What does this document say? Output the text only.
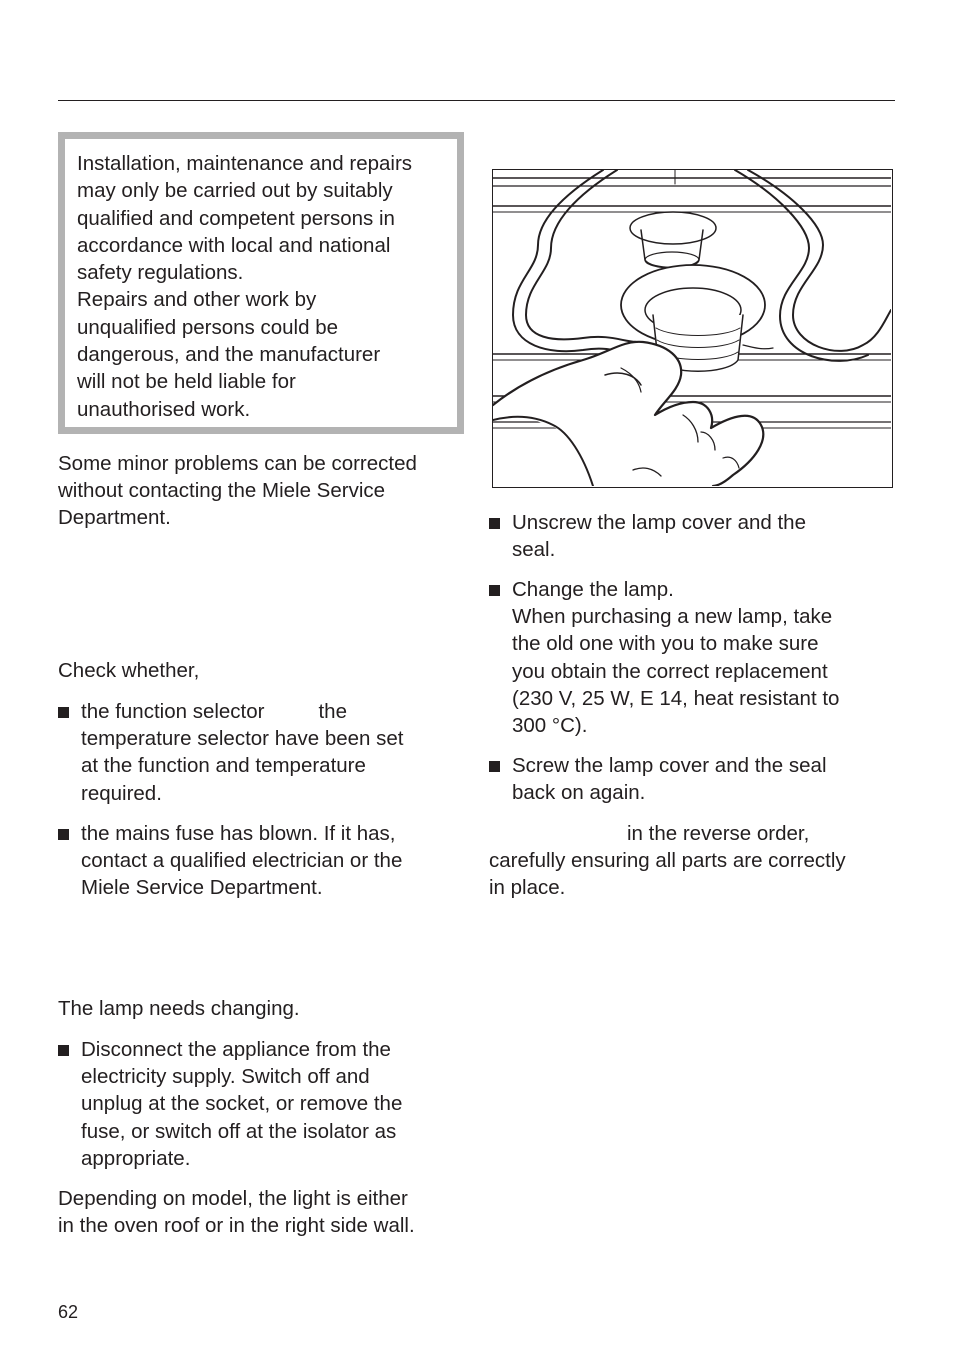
Installation, maintenance and repairs
may only be carried out by suitably
qualified and competent persons in
accordance with local and national
safety regulations.
Repairs and other work by
unqualified persons could be
dangerous, and the manufacturer
will not be held liable for
unauthorised work.
Some minor problems can be corrected
without contacting the Miele Service
Department.
Check whether,
the function selector	the
temperature selector have been set
at the function and temperature
required.
the mains fuse has blown. If it has,
contact a qualified electrician or the
Miele Service Department.
The lamp needs changing.
Disconnect the appliance from the
electricity supply. Switch off and
unplug at the socket, or remove the
fuse, or switch off at the isolator as
appropriate.
Depending on model, the light is either
in the oven roof or in the right side wall.
Unscrew the lamp cover and the
seal.
Change the lamp.
When purchasing a new lamp, take
the old one with you to make sure
you obtain the correct replacement
(230 V, 25 W, E 14, heat resistant to
300 °C).
Screw the lamp cover and the seal
back on again.
in the reverse order,
carefully ensuring all parts are correctly
in place.
62
